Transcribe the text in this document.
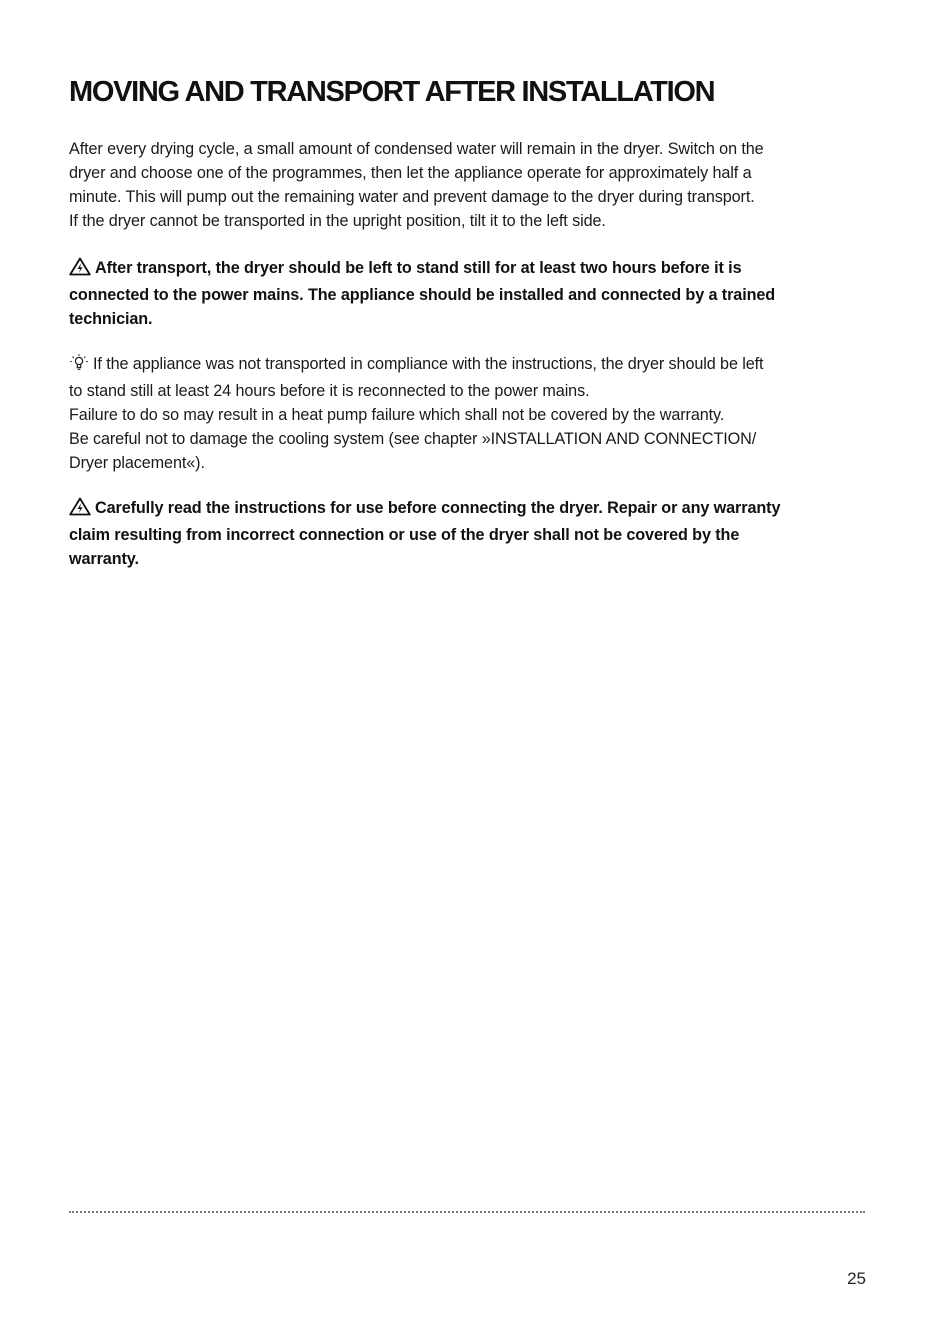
MOVING AND TRANSPORT AFTER INSTALLATION

After every drying cycle, a small amount of condensed water will remain in the dryer. Switch on the
dryer and choose one of the programmes, then let the appliance operate for approximately half a
minute. This will pump out the remaining water and prevent damage to the dryer during transport.
If the dryer cannot be transported in the upright position, tilt it to the left side.

After transport, the dryer should be left to stand still for at least two hours before it is
connected to the power mains. The appliance should be installed and connected by a trained
technician.

If the appliance was not transported in compliance with the instructions, the dryer should be left
to stand still at least 24 hours before it is reconnected to the power mains.
Failure to do so may result in a heat pump failure which shall not be covered by the warranty.
Be careful not to damage the cooling system (see chapter »INSTALLATION AND CONNECTION/
Dryer placement«).

Carefully read the instructions for use before connecting the dryer. Repair or any warranty
claim resulting from incorrect connection or use of the dryer shall not be covered by the
warranty.

25
